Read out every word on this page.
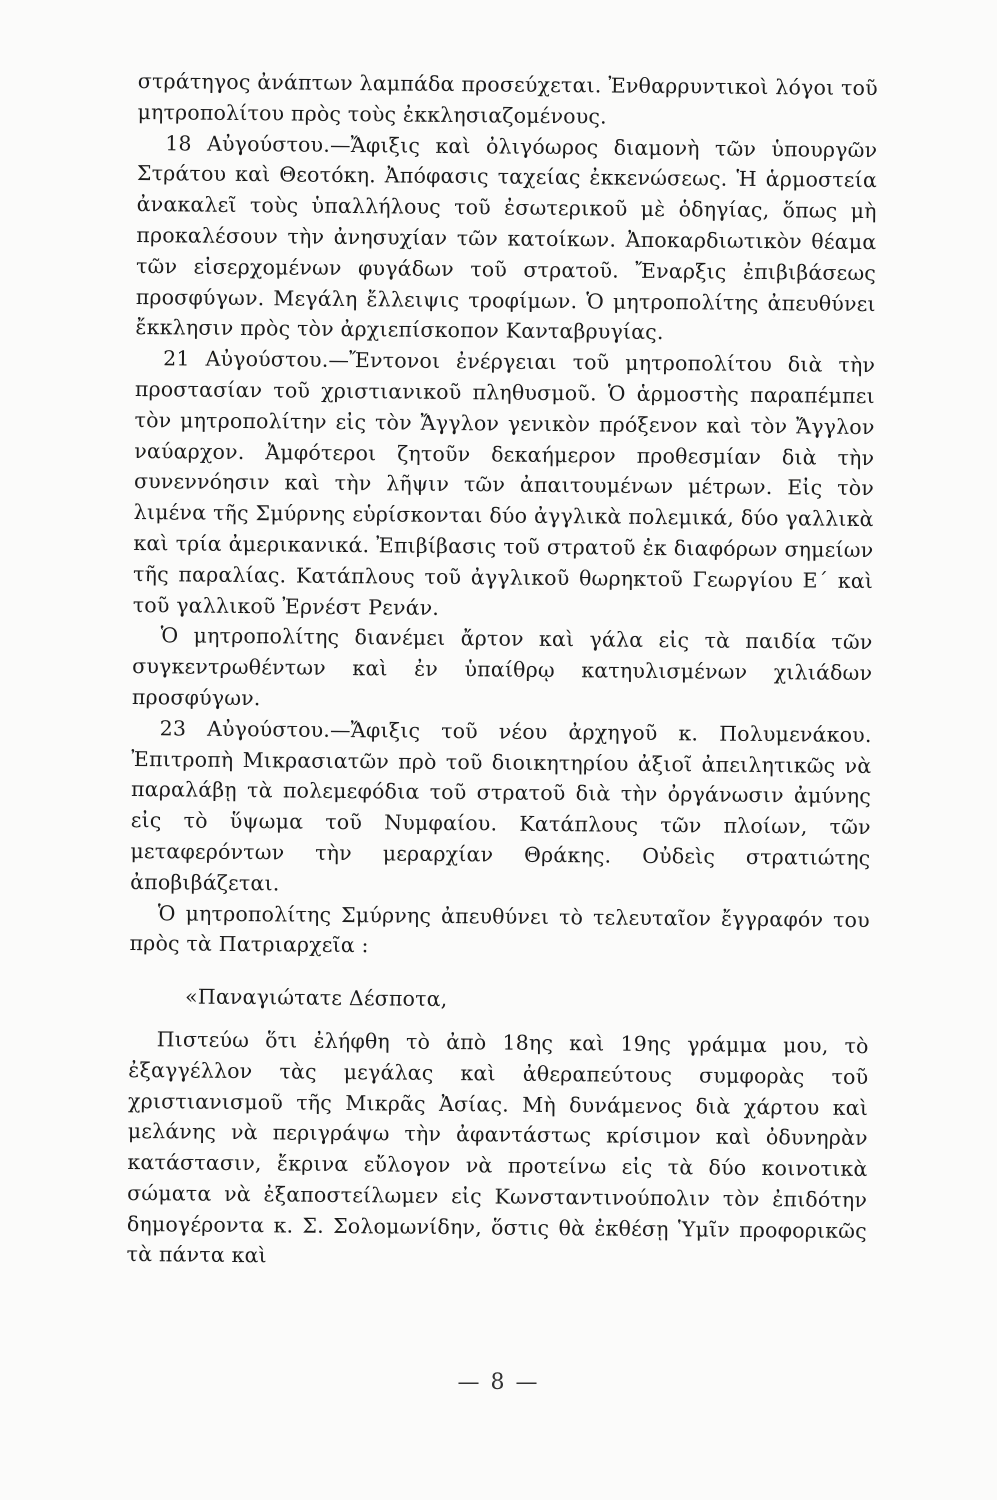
στράτηγος ἀνάπτων λαμπάδα προσεύχεται. Ἐνθαρρυντικοὶ λόγοι τοῦ μητροπολίτου πρὸς τοὺς ἐκκλησιαζομένους.

18 Αὐγούστου.—Ἄφιξις καὶ ὀλιγόωρος διαμονὴ τῶν ὑπουργῶν Στράτου καὶ Θεοτόκη. Ἀπόφασις ταχείας ἐκκενώσεως. Ἡ ἁρμοστεία ἀνακαλεῖ τοὺς ὑπαλλήλους τοῦ ἐσωτερικοῦ μὲ ὁδηγίας, ὅπως μὴ προκαλέσουν τὴν ἀνησυχίαν τῶν κατοίκων. Ἀποκαρδιωτικὸν θέαμα τῶν εἰσερχομένων φυγάδων τοῦ στρατοῦ. Ἔναρξις ἐπιβιβάσεως προσφύγων. Μεγάλη ἔλλειψις τροφίμων. Ὁ μητροπολίτης ἀπευθύνει ἔκκλησιν πρὸς τὸν ἀρχιεπίσκοπον Κανταβρυγίας.

21 Αὐγούστου.—Ἔντονοι ἐνέργειαι τοῦ μητροπολίτου διὰ τὴν προστασίαν τοῦ χριστιανικοῦ πληθυσμοῦ. Ὁ ἁρμοστὴς παραπέμπει τὸν μητροπολίτην εἰς τὸν Ἄγγλον γενικὸν πρόξενον καὶ τὸν Ἄγγλον ναύαρχον. Ἀμφότεροι ζητοῦν δεκαήμερον προθεσμίαν διὰ τὴν συνεννόησιν καὶ τὴν λῆψιν τῶν ἀπαιτουμένων μέτρων. Εἰς τὸν λιμένα τῆς Σμύρνης εὑρίσκονται δύο ἀγγλικὰ πολεμικά, δύο γαλλικὰ καὶ τρία ἀμερικανικά. Ἐπιβίβασις τοῦ στρατοῦ ἐκ διαφόρων σημείων τῆς παραλίας. Κατάπλους τοῦ ἀγγλικοῦ θωρηκτοῦ Γεωργίου Ε΄ καὶ τοῦ γαλλικοῦ Ἐρνέστ Ρενάν.

Ὁ μητροπολίτης διανέμει ἄρτον καὶ γάλα εἰς τὰ παιδία τῶν συγκεντρωθέντων καὶ ἐν ὑπαίθρῳ κατηυλισμένων χιλιάδων προσφύγων.

23 Αὐγούστου.—Ἄφιξις τοῦ νέου ἀρχηγοῦ κ. Πολυμενάκου. Ἐπιτροπὴ Μικρασιατῶν πρὸ τοῦ διοικητηρίου ἀξιοῖ ἀπειλητικῶς νὰ παραλάβῃ τὰ πολεμεφόδια τοῦ στρατοῦ διὰ τὴν ὀργάνωσιν ἀμύνης εἰς τὸ ὕψωμα τοῦ Νυμφαίου. Κατάπλους τῶν πλοίων, τῶν μεταφερόντων τὴν μεραρχίαν Θράκης. Οὐδεὶς στρατιώτης ἀποβιβάζεται.

Ὁ μητροπολίτης Σμύρνης ἀπευθύνει τὸ τελευταῖον ἔγγραφόν του πρὸς τὰ Πατριαρχεῖα :

«Παναγιώτατε Δέσποτα,

Πιστεύω ὅτι ἐλήφθη τὸ ἀπὸ 18ης καὶ 19ης γράμμα μου, τὸ ἐξαγγέλλον τὰς μεγάλας καὶ ἀθεραπεύτους συμφορὰς τοῦ χριστιανισμοῦ τῆς Μικρᾶς Ἀσίας. Μὴ δυνάμενος διὰ χάρτου καὶ μελάνης νὰ περιγράψω τὴν ἀφαντάστως κρίσιμον καὶ ὀδυνηρὰν κατάστασιν, ἔκρινα εὔλογον νὰ προτείνω εἰς τὰ δύο κοινοτικὰ σώματα νὰ ἐξαποστείλωμεν εἰς Κωνσταντινούπολιν τὸν ἐπιδότην δημογέροντα κ. Σ. Σολομωνίδην, ὅστις θὰ ἐκθέσῃ Ὑμῖν προφορικῶς τὰ πάντα καὶ

— 8 —
